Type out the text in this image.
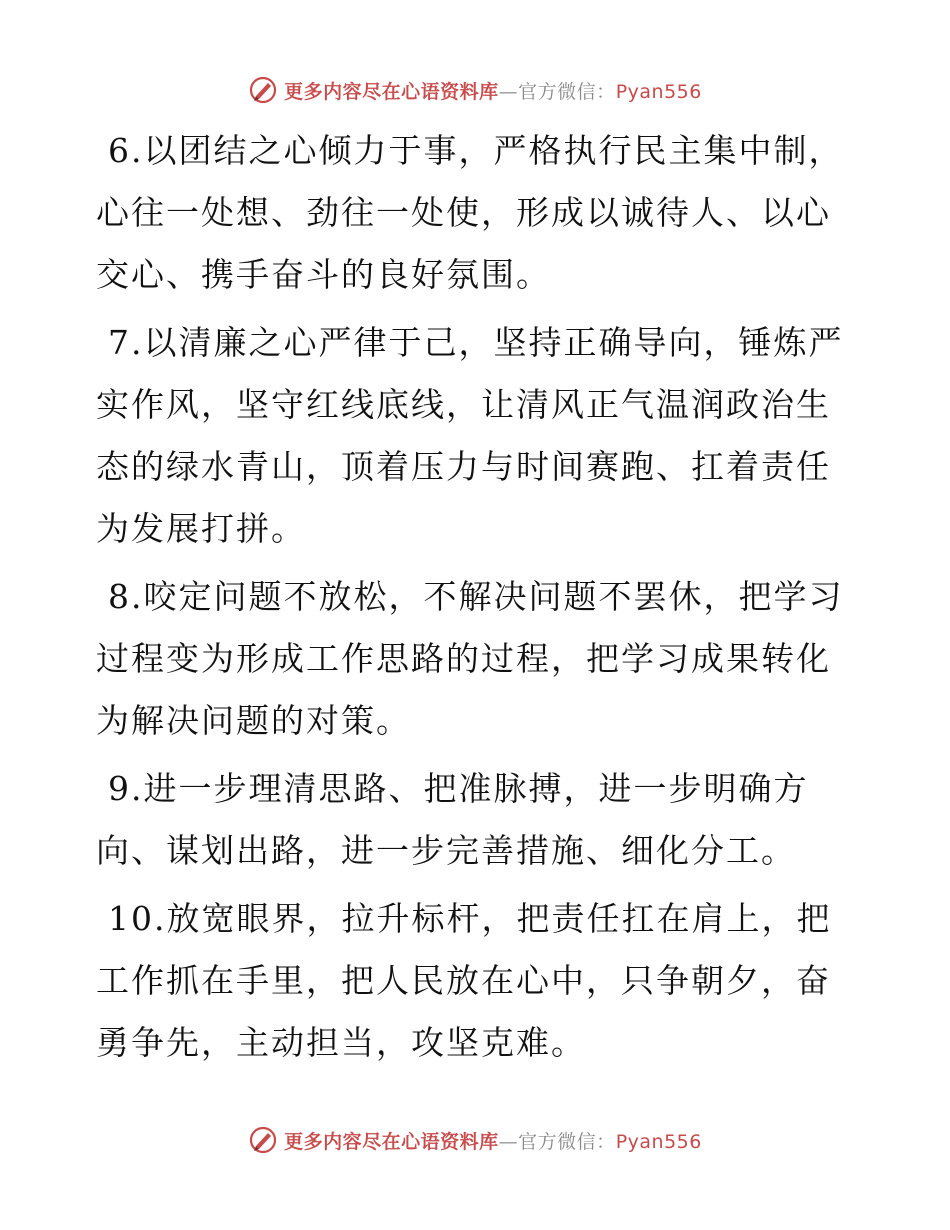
更多内容尽在心语资料库—官方微信：Pyan556

6.以团结之心倾力于事，严格执行民主集中制，心往一处想、劲往一处使，形成以诚待人、以心交心、携手奋斗的良好氛围。

7.以清廉之心严律于己，坚持正确导向，锤炼严实作风，坚守红线底线，让清风正气温润政治生态的绿水青山，顶着压力与时间赛跑、扛着责任为发展打拼。

8.咬定问题不放松，不解决问题不罢休，把学习过程变为形成工作思路的过程，把学习成果转化为解决问题的对策。

9.进一步理清思路、把准脉搏，进一步明确方向、谋划出路，进一步完善措施、细化分工。

10.放宽眼界，拉升标杆，把责任扛在肩上，把工作抓在手里，把人民放在心中，只争朝夕，奋勇争先，主动担当，攻坚克难。

更多内容尽在心语资料库—官方微信：Pyan556
